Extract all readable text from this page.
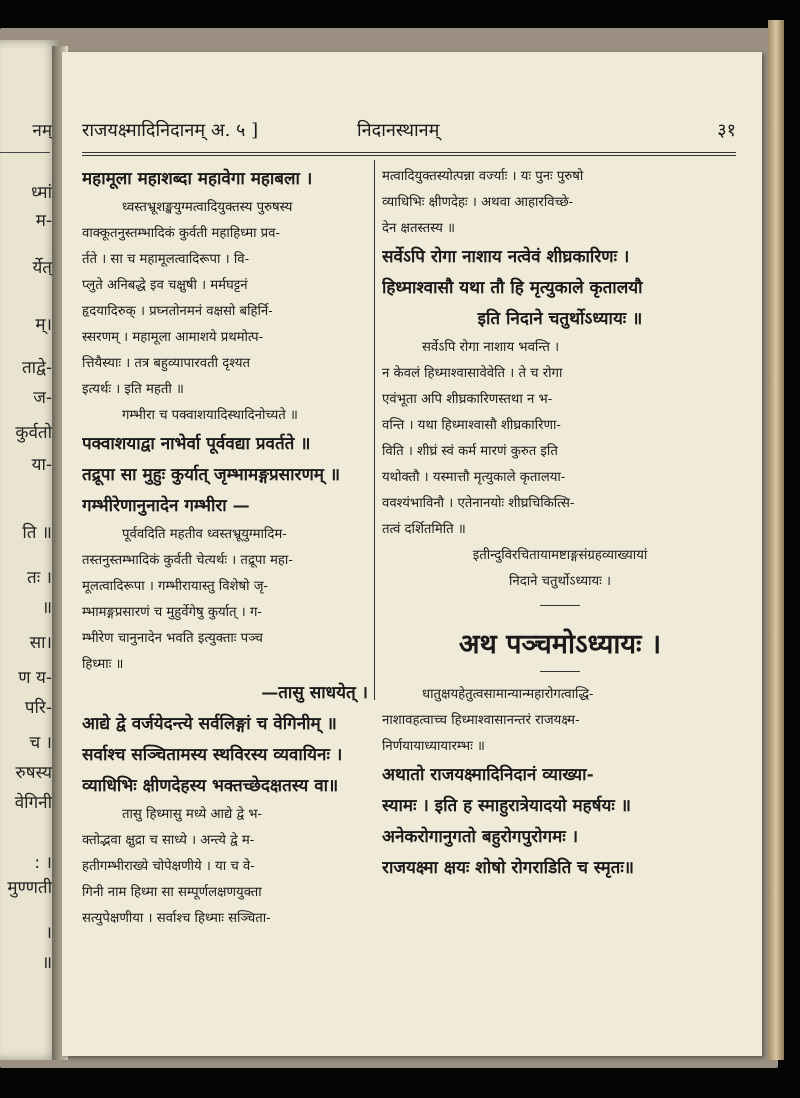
नम्
ध्मां
म-
र्येत्
म्।
ताद्वे-
ज-
कुर्वतो
या-
ति ॥
तः ।
॥
सा।
ण य-
परि-
च ।
रुषस्य
वेगिनी
: ।
मुण्णती
।
॥
राजयक्ष्मादिनिदानम् अ. ५ ]	निदानस्थानम्	३१

महामूला महाशब्दा महावेगा महाबला ।

ध्वस्तभ्रूशङ्खयुग्मत्वादियुक्तस्य पुरुषस्य

वाक्कूतनुस्तम्भादिकं कुर्वती महाहिध्मा प्रव-

र्तते । सा च महामूलत्वादिरूपा । वि-

प्लुते अनिबद्धे इव चक्षुषी । मर्मघट्टनं

हृदयादिरुक् । प्रघ्नतोनमनं वक्षसो बहिर्नि-

स्सरणम् । महामूला आमाशये प्रथमोत्प-

त्तियैस्याः । तत्र बहुव्यापारवती दृश्यत

इत्यर्थः । इति महती ॥

गम्भीरा च पक्वाशयादिस्थादिनोच्यते ॥

पक्वाशयाद्वा नाभेर्वा पूर्ववद्या प्रवर्तते ॥

तद्रूपा सा मुहुः कुर्यात् जृम्भामङ्गप्रसारणम् ॥

गम्भीरेणानुनादेन गम्भीरा —

पूर्ववदिति महतीव ध्वस्तभ्रूयुग्मादिम-

तस्तनुस्तम्भादिकं कुर्वती चेत्यर्थः । तद्रूपा महा-

मूलत्वादिरूपा । गम्भीरायास्तु विशेषो जृ-

म्भामङ्गप्रसारणं च मुहुर्वेगेषु कुर्यात् । ग-

म्भीरेण चानुनादेन भवति इत्युक्ताः पञ्च

हिध्माः ॥

—तासु साधयेत् ।

आद्ये द्वे वर्जयेदन्त्ये सर्वलिङ्गां च वेगिनीम् ॥

सर्वाश्च सञ्चितामस्य स्थविरस्य व्यवायिनः ।

व्याधिभिः क्षीणदेहस्य भक्तच्छेदक्षतस्य वा॥

तासु हिध्मासु मध्ये आद्ये द्वे भ-

क्तोद्भवा क्षुद्रा च साध्ये । अन्त्ये द्वे म-

हतीगम्भीराख्ये चोपेक्षणीये । या च वे-

गिनी नाम हिध्मा सा सम्पूर्णलक्षणयुक्ता

सत्युपेक्षणीया । सर्वाश्च हिध्माः सञ्चिता-

मत्वादियुक्तस्योत्पन्ना वर्ज्याः । यः पुनः पुरुषो

व्याधिभिः क्षीणदेहः । अथवा आहारविच्छे-

देन क्षतस्तस्य ॥

सर्वेऽपि रोगा नाशाय नत्वेवं शीघ्रकारिणः ।

हिध्माश्वासौ यथा तौ हि मृत्युकाले कृतालयौ

इति निदाने चतुर्थोऽध्यायः ॥

सर्वेऽपि रोगा नाशाय भवन्ति ।

न केवलं हिध्माश्वासावेवेति । ते च रोगा

एवंभूता अपि शीघ्रकारिणस्तथा न भ-

वन्ति । यथा हिध्माश्वासौ शीघ्रकारिणा-

विति । शीघ्रं स्वं कर्म मारणं कुरुत इति

यथोक्तौ । यस्मात्तौ मृत्युकाले कृतालया-

ववश्यंभाविनौ । एतेनानयोः शीघ्रचिकित्सि-

तत्वं दर्शितमिति ॥

इतीन्दुविरचितायामष्टाङ्गसंग्रहव्याख्यायां

निदाने चतुर्थोऽध्यायः ।

अथ पञ्चमोऽध्यायः ।

धातुक्षयहेतुत्वसामान्यान्महारोगत्वाद्धि-

नाशावहत्वाच्च हिध्माश्वासानन्तरं राजयक्ष्म-

निर्णयायाध्यायारम्भः ॥

अथातो राजयक्ष्मादिनिदानं व्याख्या-

स्यामः । इति ह स्माहुरात्रेयादयो महर्षयः ॥

अनेकरोगानुगतो बहुरोगपुरोगमः ।

राजयक्ष्मा क्षयः शोषो रोगराडिति च स्मृतः॥
